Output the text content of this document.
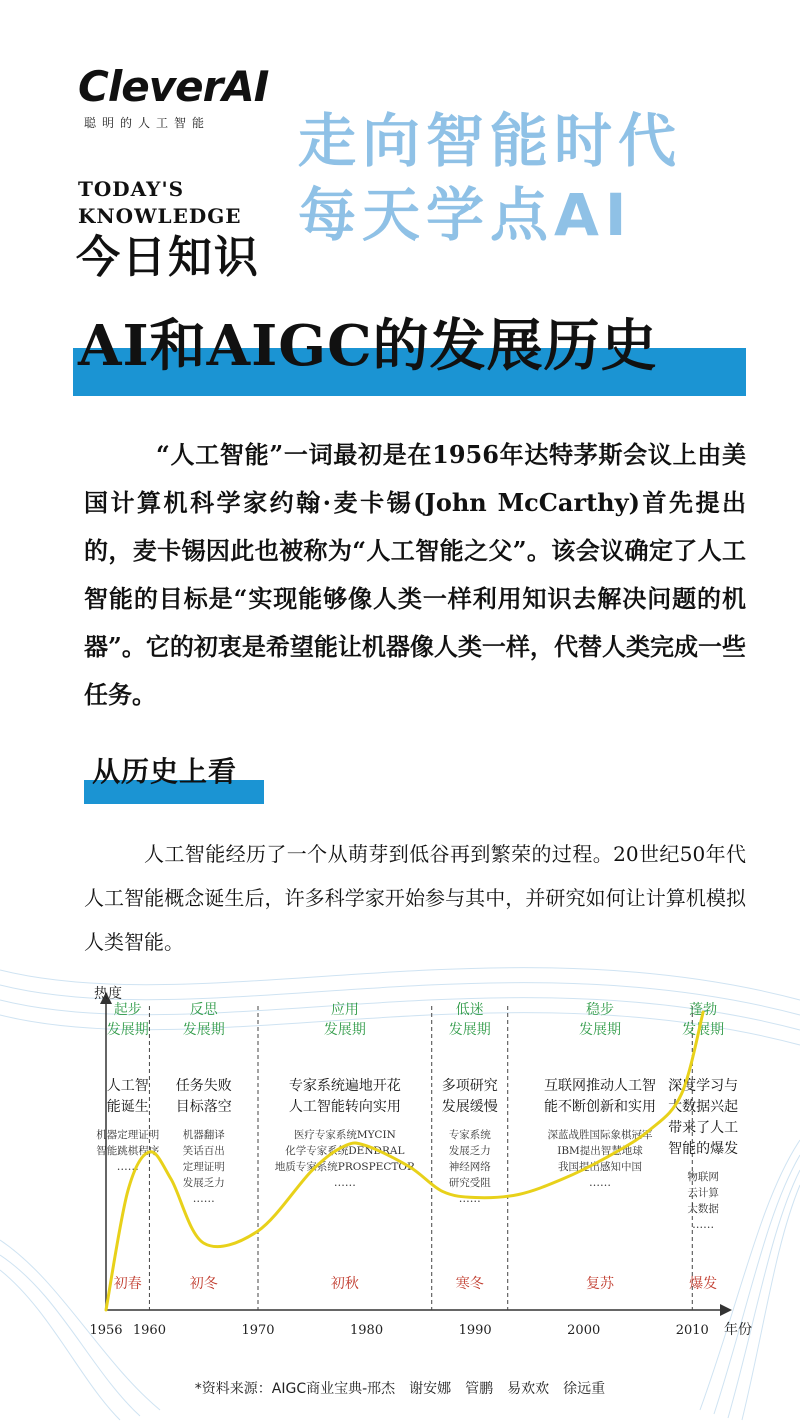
CleverAI
聪明的人工智能
TODAY'S
KNOWLEDGE
今日知识
走向智能时代
每天学点AI
AI和AIGC的发展历史

“人工智能”一词最初是在1956年达特茅斯会议上由美国计算机科学家约翰·麦卡锡(John McCarthy)首先提出的，麦卡锡因此也被称为“人工智能之父”。该会议确定了人工智能的目标是“实现能够像人类一样利用知识去解决问题的机器”。它的初衷是希望能让机器像人类一样，代替人类完成一些任务。

从历史上看

人工智能经历了一个从萌芽到低谷再到繁荣的过程。20世纪50年代人工智能概念诞生后，许多科学家开始参与其中，并研究如何让计算机模拟人类智能。

热度
年份
1956 1960	1970	1980	1990	2000	2010
起步发展期
人工智能诞生
机器定理证明智能跳棋程序
……
初春
反思发展期
任务失败目标落空
机器翻译笑话百出定理证明发展乏力
……
初冬
应用发展期
专家系统遍地开花人工智能转向实用
医疗专家系统MYCIN 化学专家系统DENDRAL 地质专家系统PROSPECTOR
……
初秋
低迷发展期
多项研究发展缓慢
专家系统发展乏力神经网络研究受阻
……
寒冬
稳步发展期
互联网推动人工智能不断创新和实用
深蓝战胜国际象棋冠军 IBM提出智慧地球我国提出感知中国
……
复苏
蓬勃发展期
深度学习与大数据兴起带来了人工智能的爆发
物联网云计算大数据
……
爆发
*资料来源：AIGC商业宝典-邢杰　谢安娜　管鹏　易欢欢　徐远重
